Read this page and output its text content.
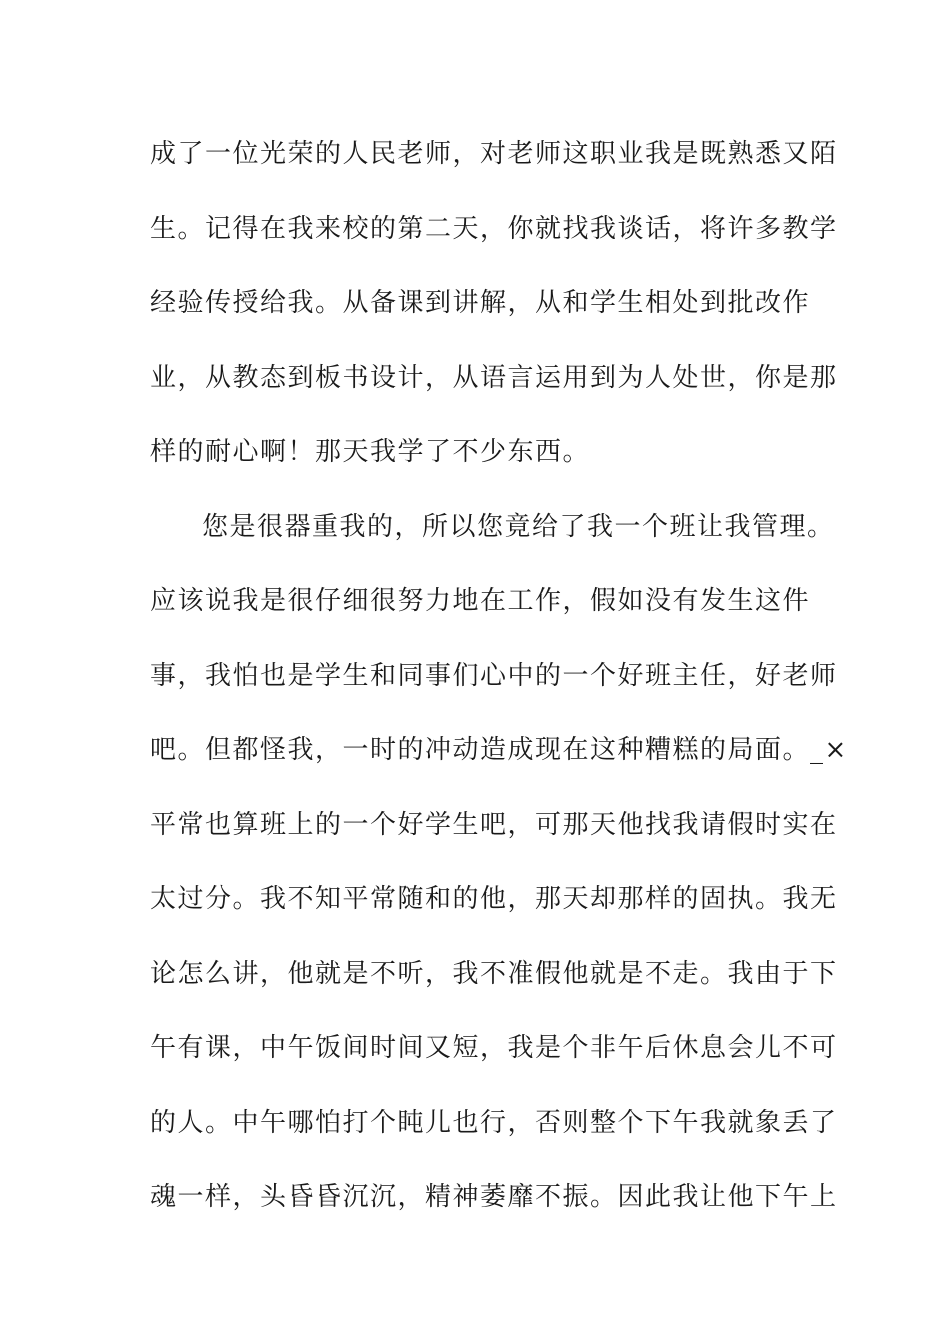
成了一位光荣的人民老师，对老师这职业我是既熟悉又陌
生。记得在我来校的第二天，你就找我谈话，将许多教学
经验传授给我。从备课到讲解，从和学生相处到批改作
业，从教态到板书设计，从语言运用到为人处世，你是那
样的耐心啊！那天我学了不少东西。
您是很器重我的，所以您竟给了我一个班让我管理。
应该说我是很仔细很努力地在工作，假如没有发生这件
事，我怕也是学生和同事们心中的一个好班主任，好老师
吧。但都怪我，一时的冲动造成现在这种糟糕的局面。_×
平常也算班上的一个好学生吧，可那天他找我请假时实在
太过分。我不知平常随和的他，那天却那样的固执。我无
论怎么讲，他就是不听，我不准假他就是不走。我由于下
午有课，中午饭间时间又短，我是个非午后休息会儿不可
的人。中午哪怕打个盹儿也行，否则整个下午我就象丢了
魂一样，头昏昏沉沉，精神萎靡不振。因此我让他下午上
